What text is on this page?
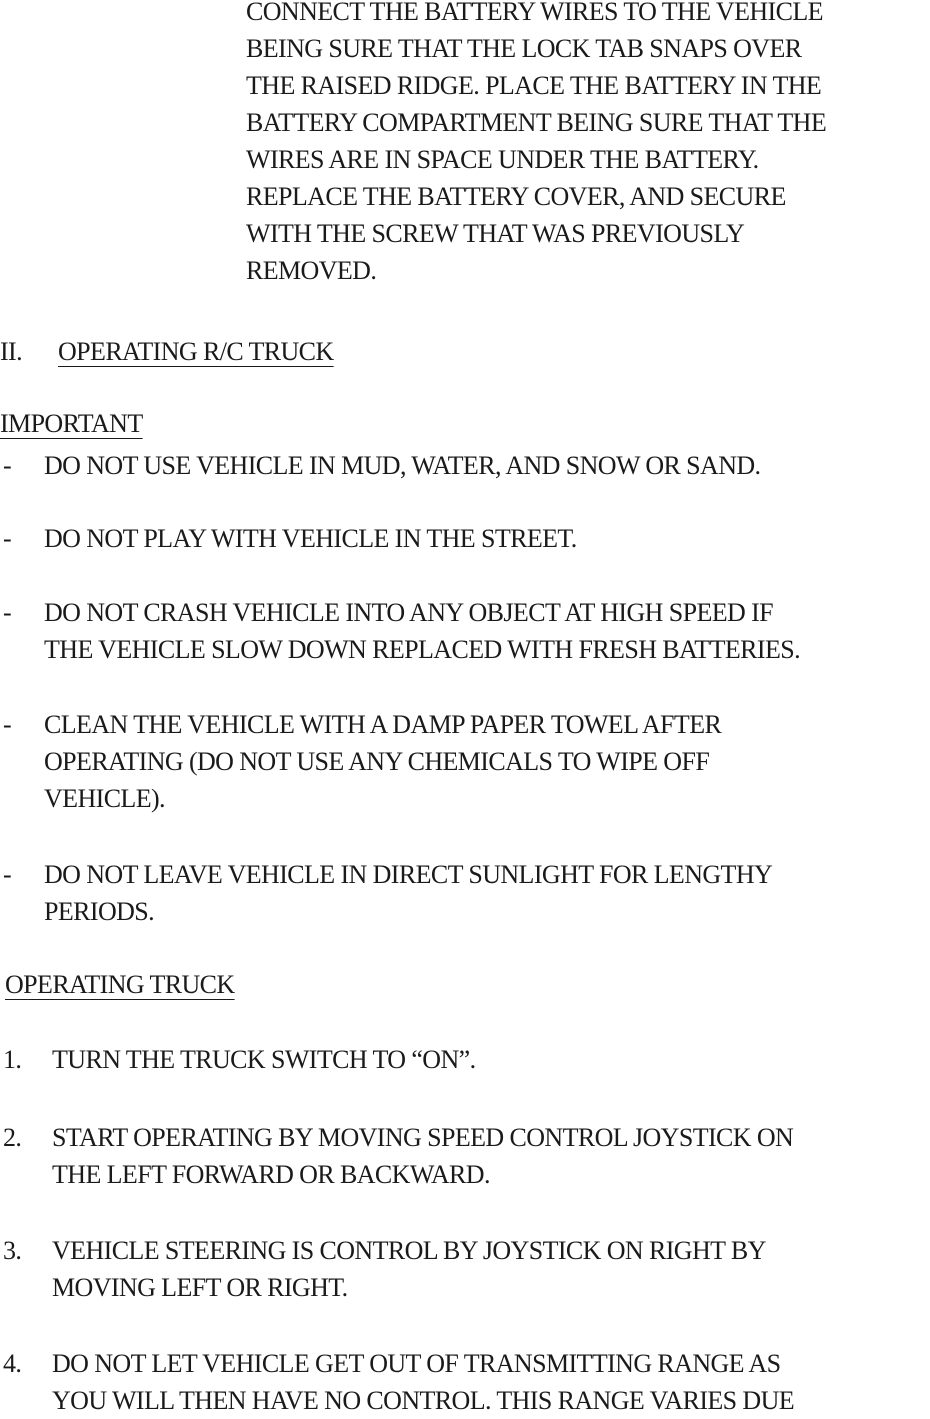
CONNECT THE BATTERY WIRES TO THE VEHICLE
BEING SURE THAT THE LOCK TAB SNAPS OVER
THE RAISED RIDGE. PLACE THE BATTERY IN THE
BATTERY COMPARTMENT BEING SURE THAT THE
WIRES ARE IN SPACE UNDER THE BATTERY.
REPLACE THE BATTERY COVER, AND SECURE
WITH THE SCREW THAT WAS PREVIOUSLY
REMOVED.

II. OPERATING R/C TRUCK
IMPORTANT
- DO NOT USE VEHICLE IN MUD, WATER, AND SNOW OR SAND.
- DO NOT PLAY WITH VEHICLE IN THE STREET.
- DO NOT CRASH VEHICLE INTO ANY OBJECT AT HIGH SPEED IF
THE VEHICLE SLOW DOWN REPLACED WITH FRESH BATTERIES.
- CLEAN THE VEHICLE WITH A DAMP PAPER TOWEL AFTER
OPERATING (DO NOT USE ANY CHEMICALS TO WIPE OFF
VEHICLE).
- DO NOT LEAVE VEHICLE IN DIRECT SUNLIGHT FOR LENGTHY
PERIODS.
OPERATING TRUCK
1. TURN THE TRUCK SWITCH TO “ON”.
2. START OPERATING BY MOVING SPEED CONTROL JOYSTICK ON
THE LEFT FORWARD OR BACKWARD.
3. VEHICLE STEERING IS CONTROL BY JOYSTICK ON RIGHT BY
MOVING LEFT OR RIGHT.
4. DO NOT LET VEHICLE GET OUT OF TRANSMITTING RANGE AS
YOU WILL THEN HAVE NO CONTROL. THIS RANGE VARIES DUE
